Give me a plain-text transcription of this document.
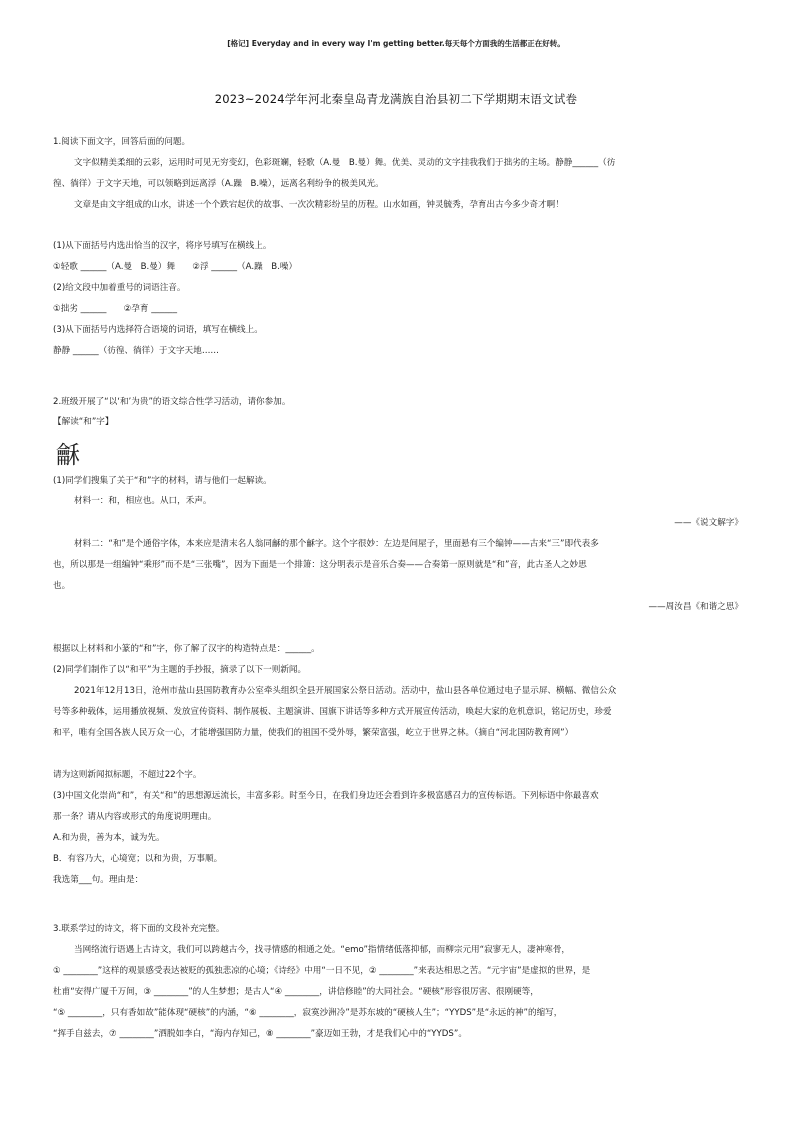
[格记] Everyday and in every way I'm getting better.每天每个方面我的生活都正在好转。
2023~2024学年河北秦皇岛青龙满族自治县初二下学期期末语文试卷
1.阅读下面文字，回答后面的问题。
文字似精美柔细的云彩，运用时可见无穷变幻，色彩斑斓，轻歌（A.曼　B.曼）舞。优美、灵动的文字挂我我们于拙劣的主场。静静______（彷
徨、徜徉）于文字天地，可以领略到远离浮（A.躁　B.噪），远离名利纷争的极美风光。
文章是由文字组成的山水，讲述一个个跌宕起伏的故事、一次次精彩纷呈的历程。山水如画，钟灵毓秀，孕育出古今多少奇才啊！
(1)从下面括号内选出恰当的汉字，将序号填写在横线上。
①轻歌 ______（A.曼　B.曼）舞　　②浮 ______（A.躁　B.噪）
(2)给文段中加着重号的词语注音。
①拙劣 ______　　②孕育 ______
(3)从下面括号内选择符合语境的词语，填写在横线上。
静静 ______（彷徨、徜徉）于文字天地……
2.班级开展了“以‘和’为贵”的语文综合性学习活动，请你参加。
【解读“和”字】
龢
(1)同学们搜集了关于“和”字的材料，请与他们一起解读。
材料一：和，相应也。从口，禾声。
——《说文解字》
材料二：“和”是个通俗字体，本来应是清末名人翁同龢的那个龢字。这个字很妙：左边是间屋子，里面悬有三个编钟——古来“三”即代表多
也，所以那是一组编钟“乘形”而不是“三张嘴”，因为下面是一个排箫：这分明表示是音乐合奏——合奏第一原则就是“和”音，此古圣人之妙思
也。
——周汝昌《和谐之思》
根据以上材料和小篆的“和”字，你了解了汉字的构造特点是：______。
(2)同学们制作了以“和平”为主题的手抄报，摘录了以下一则新闻。
2021年12月13日，沧州市盐山县国防教育办公室牵头组织全县开展国家公祭日活动。活动中，盐山县各单位通过电子显示屏、横幅、微信公众
号等多种载体，运用播放视频、发放宣传资料、制作展板、主题演讲、国旗下讲话等多种方式开展宣传活动，唤起大家的危机意识，铭记历史，珍爱
和平，唯有全国各族人民万众一心，才能增强国防力量，使我们的祖国不受外辱，繁荣富强，屹立于世界之林。（摘自“河北国防教育网”）
请为这则新闻拟标题，不超过22个字。
(3)中国文化崇尚“和”，有关“和”的思想源远流长，丰富多彩。时至今日，在我们身边还会看到许多极富感召力的宣传标语。下列标语中你最喜欢
那一条？请从内容或形式的角度说明理由。
A.和为贵，善为本，诚为先。
B．有容乃大，心境宽；以和为贵，万事顺。
我选第___句。理由是：
3.联系学过的诗文，将下面的文段补充完整。
当网络流行语遇上古诗文，我们可以跨越古今，找寻情感的相通之处。“emo”指情绪低落抑郁，而柳宗元用“寂寥无人，凄神寒骨，
① ________”这样的观景感受表达被贬的孤独悲凉的心境；《诗经》中用“一日不见，② ________”来表达相思之苦。“元宇宙”是虚拟的世界，是
杜甫“安得广厦千万间，③ ________”的人生梦想；是古人“④ ________，讲信修睦”的大同社会。“硬核”形容很厉害、很刚硬等，
“⑤ ________，只有香如故”能体现“硬核”的内涵，“⑥ ________，寂寞沙洲冷”是苏东坡的“硬核人生”；“YYDS”是“永远的神”的缩写，
“挥手自兹去，⑦ ________”洒脱如李白，“海内存知己，⑧ ________”豪迈如王勃，才是我们心中的“YYDS”。
